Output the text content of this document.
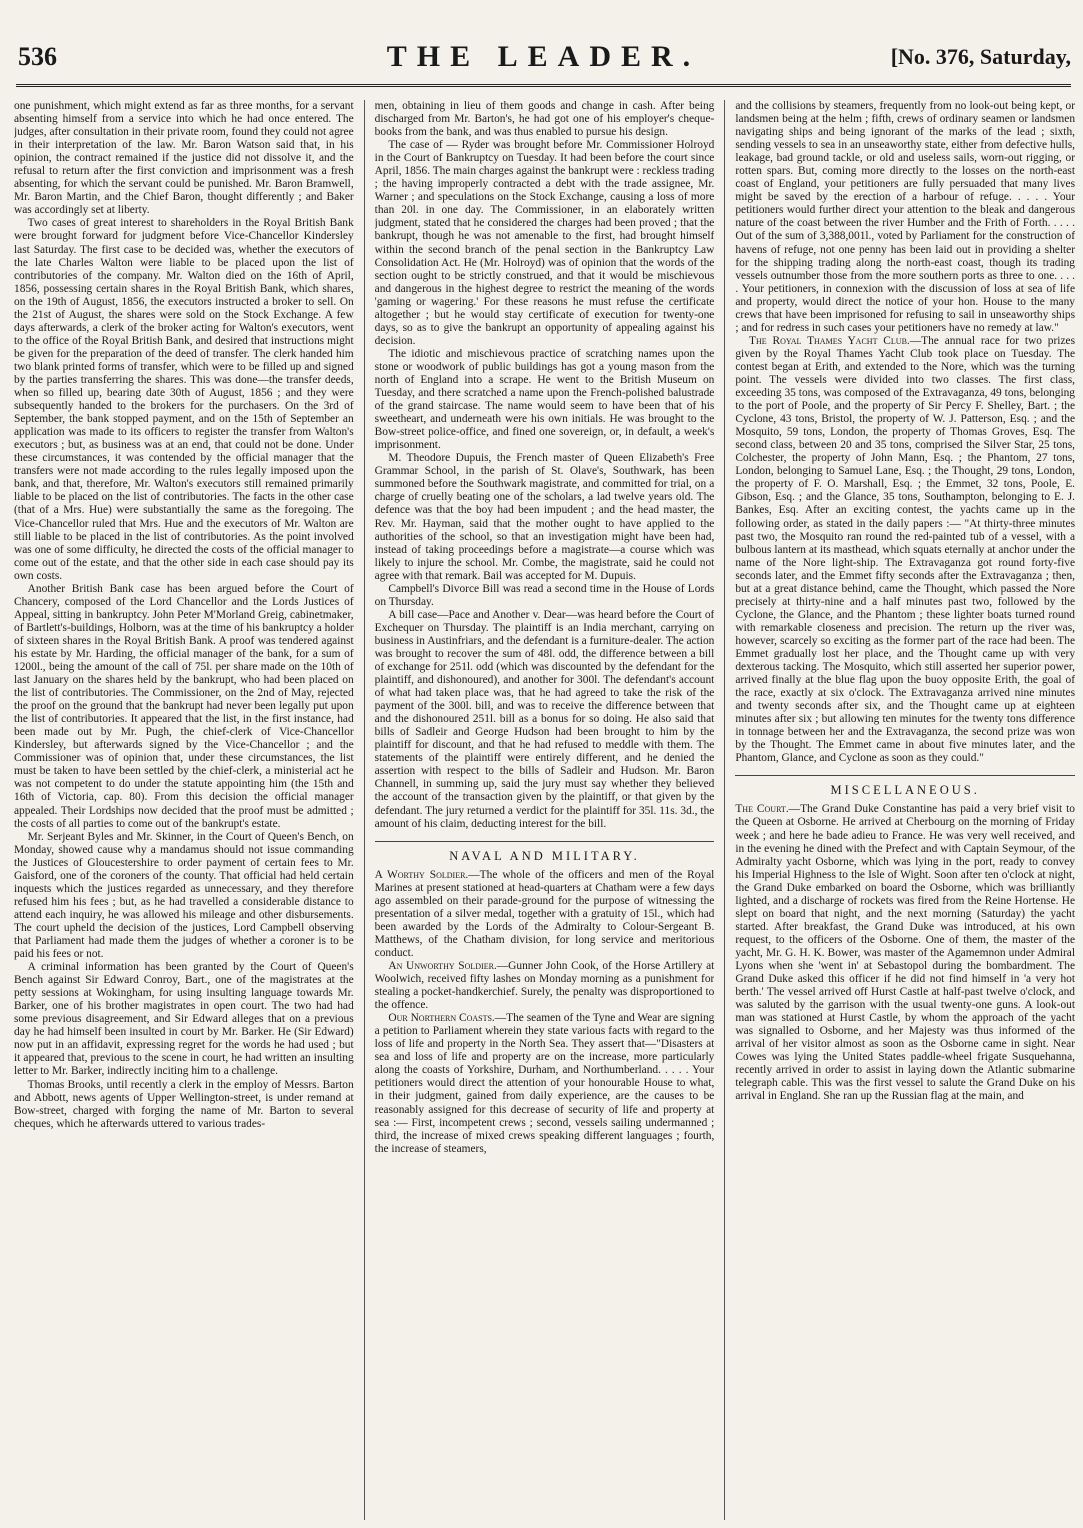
536	THE LEADER.	[No. 376, Saturday,

one punishment, which might extend as far as three months, for a servant absenting himself from a service into which he had once entered. The judges, after consultation in their private room, found they could not agree in their interpretation of the law. Mr. Baron Watson said that, in his opinion, the contract remained if the justice did not dissolve it, and the refusal to return after the first conviction and imprisonment was a fresh absenting, for which the servant could be punished. Mr. Baron Bramwell, Mr. Baron Martin, and the Chief Baron, thought differently ; and Baker was accordingly set at liberty.

Two cases of great interest to shareholders in the Royal British Bank were brought forward for judgment before Vice-Chancellor Kindersley last Saturday. The first case to be decided was, whether the executors of the late Charles Walton were liable to be placed upon the list of contributories of the company. Mr. Walton died on the 16th of April, 1856, possessing certain shares in the Royal British Bank, which shares, on the 19th of August, 1856, the executors instructed a broker to sell. On the 21st of August, the shares were sold on the Stock Exchange. A few days afterwards, a clerk of the broker acting for Walton's executors, went to the office of the Royal British Bank, and desired that instructions might be given for the preparation of the deed of transfer. The clerk handed him two blank printed forms of transfer, which were to be filled up and signed by the parties transferring the shares. This was done—the transfer deeds, when so filled up, bearing date 30th of August, 1856 ; and they were subsequently handed to the brokers for the purchasers. On the 3rd of September, the bank stopped payment, and on the 15th of September an application was made to its officers to register the transfer from Walton's executors ; but, as business was at an end, that could not be done. Under these circumstances, it was contended by the official manager that the transfers were not made according to the rules legally imposed upon the bank, and that, therefore, Mr. Walton's executors still remained primarily liable to be placed on the list of contributories. The facts in the other case (that of a Mrs. Hue) were substantially the same as the foregoing. The Vice-Chancellor ruled that Mrs. Hue and the executors of Mr. Walton are still liable to be placed in the list of contributories. As the point involved was one of some difficulty, he directed the costs of the official manager to come out of the estate, and that the other side in each case should pay its own costs.

Another British Bank case has been argued before the Court of Chancery, composed of the Lord Chancellor and the Lords Justices of Appeal, sitting in bankruptcy. John Peter M'Morland Greig, cabinetmaker, of Bartlett's-buildings, Holborn, was at the time of his bankruptcy a holder of sixteen shares in the Royal British Bank. A proof was tendered against his estate by Mr. Harding, the official manager of the bank, for a sum of 1200l., being the amount of the call of 75l. per share made on the 10th of last January on the shares held by the bankrupt, who had been placed on the list of contributories. The Commissioner, on the 2nd of May, rejected the proof on the ground that the bankrupt had never been legally put upon the list of contributories. It appeared that the list, in the first instance, had been made out by Mr. Pugh, the chief-clerk of Vice-Chancellor Kindersley, but afterwards signed by the Vice-Chancellor ; and the Commissioner was of opinion that, under these circumstances, the list must be taken to have been settled by the chief-clerk, a ministerial act he was not competent to do under the statute appointing him (the 15th and 16th of Victoria, cap. 80). From this decision the official manager appealed. Their Lordships now decided that the proof must be admitted ; the costs of all parties to come out of the bankrupt's estate.

Mr. Serjeant Byles and Mr. Skinner, in the Court of Queen's Bench, on Monday, showed cause why a mandamus should not issue commanding the Justices of Gloucestershire to order payment of certain fees to Mr. Gaisford, one of the coroners of the county. That official had held certain inquests which the justices regarded as unnecessary, and they therefore refused him his fees ; but, as he had travelled a considerable distance to attend each inquiry, he was allowed his mileage and other disbursements. The court upheld the decision of the justices, Lord Campbell observing that Parliament had made them the judges of whether a coroner is to be paid his fees or not.

A criminal information has been granted by the Court of Queen's Bench against Sir Edward Conroy, Bart., one of the magistrates at the petty sessions at Wokingham, for using insulting language towards Mr. Barker, one of his brother magistrates in open court. The two had had some previous disagreement, and Sir Edward alleges that on a previous day he had himself been insulted in court by Mr. Barker. He (Sir Edward) now put in an affidavit, expressing regret for the words he had used ; but it appeared that, previous to the scene in court, he had written an insulting letter to Mr. Barker, indirectly inciting him to a challenge.

Thomas Brooks, until recently a clerk in the employ of Messrs. Barton and Abbott, news agents of Upper Wellington-street, is under remand at Bow-street, charged with forging the name of Mr. Barton to several cheques, which he afterwards uttered to various trades-

men, obtaining in lieu of them goods and change in cash. After being discharged from Mr. Barton's, he had got one of his employer's cheque-books from the bank, and was thus enabled to pursue his design.

The case of — Ryder was brought before Mr. Commissioner Holroyd in the Court of Bankruptcy on Tuesday. It had been before the court since April, 1856. The main charges against the bankrupt were : reckless trading ; the having improperly contracted a debt with the trade assignee, Mr. Warner ; and speculations on the Stock Exchange, causing a loss of more than 20l. in one day. The Commissioner, in an elaborately written judgment, stated that he considered the charges had been proved ; that the bankrupt, though he was not amenable to the first, had brought himself within the second branch of the penal section in the Bankruptcy Law Consolidation Act. He (Mr. Holroyd) was of opinion that the words of the section ought to be strictly construed, and that it would be mischievous and dangerous in the highest degree to restrict the meaning of the words 'gaming or wagering.' For these reasons he must refuse the certificate altogether ; but he would stay certificate of execution for twenty-one days, so as to give the bankrupt an opportunity of appealing against his decision.

The idiotic and mischievous practice of scratching names upon the stone or woodwork of public buildings has got a young mason from the north of England into a scrape. He went to the British Museum on Tuesday, and there scratched a name upon the French-polished balustrade of the grand staircase. The name would seem to have been that of his sweetheart, and underneath were his own initials. He was brought to the Bow-street police-office, and fined one sovereign, or, in default, a week's imprisonment.

M. Theodore Dupuis, the French master of Queen Elizabeth's Free Grammar School, in the parish of St. Olave's, Southwark, has been summoned before the Southwark magistrate, and committed for trial, on a charge of cruelly beating one of the scholars, a lad twelve years old. The defence was that the boy had been impudent ; and the head master, the Rev. Mr. Hayman, said that the mother ought to have applied to the authorities of the school, so that an investigation might have been had, instead of taking proceedings before a magistrate—a course which was likely to injure the school. Mr. Combe, the magistrate, said he could not agree with that remark. Bail was accepted for M. Dupuis.

Campbell's Divorce Bill was read a second time in the House of Lords on Thursday.

A bill case—Pace and Another v. Dear—was heard before the Court of Exchequer on Thursday. The plaintiff is an India merchant, carrying on business in Austinfriars, and the defendant is a furniture-dealer. The action was brought to recover the sum of 48l. odd, the difference between a bill of exchange for 251l. odd (which was discounted by the defendant for the plaintiff, and dishonoured), and another for 300l. The defendant's account of what had taken place was, that he had agreed to take the risk of the payment of the 300l. bill, and was to receive the difference between that and the dishonoured 251l. bill as a bonus for so doing. He also said that bills of Sadleir and George Hudson had been brought to him by the plaintiff for discount, and that he had refused to meddle with them. The statements of the plaintiff were entirely different, and he denied the assertion with respect to the bills of Sadleir and Hudson. Mr. Baron Channell, in summing up, said the jury must say whether they believed the account of the transaction given by the plaintiff, or that given by the defendant. The jury returned a verdict for the plaintiff for 35l. 11s. 3d., the amount of his claim, deducting interest for the bill.

NAVAL AND MILITARY.

A Worthy Soldier.—The whole of the officers and men of the Royal Marines at present stationed at head-quarters at Chatham were a few days ago assembled on their parade-ground for the purpose of witnessing the presentation of a silver medal, together with a gratuity of 15l., which had been awarded by the Lords of the Admiralty to Colour-Sergeant B. Matthews, of the Chatham division, for long service and meritorious conduct.

An Unworthy Soldier.—Gunner John Cook, of the Horse Artillery at Woolwich, received fifty lashes on Monday morning as a punishment for stealing a pocket-handkerchief. Surely, the penalty was disproportioned to the offence.

Our Northern Coasts.—The seamen of the Tyne and Wear are signing a petition to Parliament wherein they state various facts with regard to the loss of life and property in the North Sea. They assert that—"Disasters at sea and loss of life and property are on the increase, more particularly along the coasts of Yorkshire, Durham, and Northumberland. . . . . Your petitioners would direct the attention of your honourable House to what, in their judgment, gained from daily experience, are the causes to be reasonably assigned for this decrease of security of life and property at sea :— First, incompetent crews ; second, vessels sailing undermanned ; third, the increase of mixed crews speaking different languages ; fourth, the increase of steamers,

and the collisions by steamers, frequently from no look-out being kept, or landsmen being at the helm ; fifth, crews of ordinary seamen or landsmen navigating ships and being ignorant of the marks of the lead ; sixth, sending vessels to sea in an unseaworthy state, either from defective hulls, leakage, bad ground tackle, or old and useless sails, worn-out rigging, or rotten spars. But, coming more directly to the losses on the north-east coast of England, your petitioners are fully persuaded that many lives might be saved by the erection of a harbour of refuge. . . . . Your petitioners would further direct your attention to the bleak and dangerous nature of the coast between the river Humber and the Frith of Forth. . . . . Out of the sum of 3,388,001l., voted by Parliament for the construction of havens of refuge, not one penny has been laid out in providing a shelter for the shipping trading along the north-east coast, though its trading vessels outnumber those from the more southern ports as three to one. . . . . Your petitioners, in connexion with the discussion of loss at sea of life and property, would direct the notice of your hon. House to the many crews that have been imprisoned for refusing to sail in unseaworthy ships ; and for redress in such cases your petitioners have no remedy at law."

The Royal Thames Yacht Club.—The annual race for two prizes given by the Royal Thames Yacht Club took place on Tuesday. The contest began at Erith, and extended to the Nore, which was the turning point. The vessels were divided into two classes. The first class, exceeding 35 tons, was composed of the Extravaganza, 49 tons, belonging to the port of Poole, and the property of Sir Percy F. Shelley, Bart. ; the Cyclone, 43 tons, Bristol, the property of W. J. Patterson, Esq. ; and the Mosquito, 59 tons, London, the property of Thomas Groves, Esq. The second class, between 20 and 35 tons, comprised the Silver Star, 25 tons, Colchester, the property of John Mann, Esq. ; the Phantom, 27 tons, London, belonging to Samuel Lane, Esq. ; the Thought, 29 tons, London, the property of F. O. Marshall, Esq. ; the Emmet, 32 tons, Poole, E. Gibson, Esq. ; and the Glance, 35 tons, Southampton, belonging to E. J. Bankes, Esq. After an exciting contest, the yachts came up in the following order, as stated in the daily papers :— "At thirty-three minutes past two, the Mosquito ran round the red-painted tub of a vessel, with a bulbous lantern at its masthead, which squats eternally at anchor under the name of the Nore light-ship. The Extravaganza got round forty-five seconds later, and the Emmet fifty seconds after the Extravaganza ; then, but at a great distance behind, came the Thought, which passed the Nore precisely at thirty-nine and a half minutes past two, followed by the Cyclone, the Glance, and the Phantom ; these lighter boats turned round with remarkable closeness and precision. The return up the river was, however, scarcely so exciting as the former part of the race had been. The Emmet gradually lost her place, and the Thought came up with very dexterous tacking. The Mosquito, which still asserted her superior power, arrived finally at the blue flag upon the buoy opposite Erith, the goal of the race, exactly at six o'clock. The Extravaganza arrived nine minutes and twenty seconds after six, and the Thought came up at eighteen minutes after six ; but allowing ten minutes for the twenty tons difference in tonnage between her and the Extravaganza, the second prize was won by the Thought. The Emmet came in about five minutes later, and the Phantom, Glance, and Cyclone as soon as they could."

MISCELLANEOUS.

The Court.—The Grand Duke Constantine has paid a very brief visit to the Queen at Osborne. He arrived at Cherbourg on the morning of Friday week ; and here he bade adieu to France. He was very well received, and in the evening he dined with the Prefect and with Captain Seymour, of the Admiralty yacht Osborne, which was lying in the port, ready to convey his Imperial Highness to the Isle of Wight. Soon after ten o'clock at night, the Grand Duke embarked on board the Osborne, which was brilliantly lighted, and a discharge of rockets was fired from the Reine Hortense. He slept on board that night, and the next morning (Saturday) the yacht started. After breakfast, the Grand Duke was introduced, at his own request, to the officers of the Osborne. One of them, the master of the yacht, Mr. G. H. K. Bower, was master of the Agamemnon under Admiral Lyons when she 'went in' at Sebastopol during the bombardment. The Grand Duke asked this officer if he did not find himself in 'a very hot berth.' The vessel arrived off Hurst Castle at half-past twelve o'clock, and was saluted by the garrison with the usual twenty-one guns. A look-out man was stationed at Hurst Castle, by whom the approach of the yacht was signalled to Osborne, and her Majesty was thus informed of the arrival of her visitor almost as soon as the Osborne came in sight. Near Cowes was lying the United States paddle-wheel frigate Susquehanna, recently arrived in order to assist in laying down the Atlantic submarine telegraph cable. This was the first vessel to salute the Grand Duke on his arrival in England. She ran up the Russian flag at the main, and
